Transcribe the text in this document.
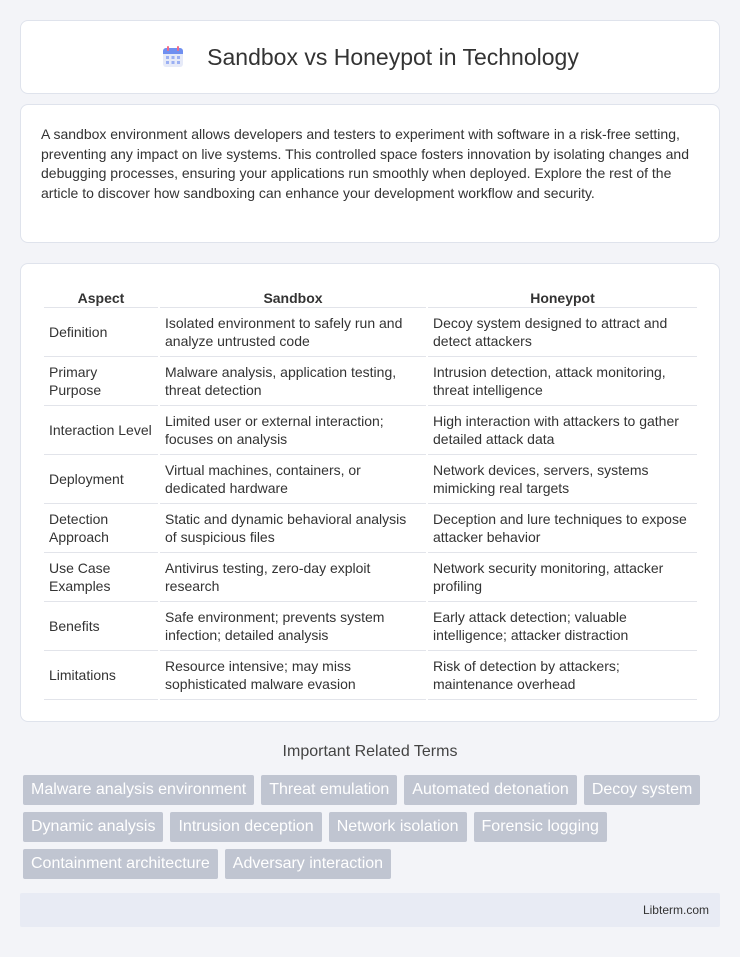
Sandbox vs Honeypot in Technology

A sandbox environment allows developers and testers to experiment with software in a risk-free setting, preventing any impact on live systems. This controlled space fosters innovation by isolating changes and debugging processes, ensuring your applications run smoothly when deployed. Explore the rest of the article to discover how sandboxing can enhance your development workflow and security.

Aspect	Sandbox	Honeypot
Definition	Isolated environment to safely run and analyze untrusted code	Decoy system designed to attract and detect attackers
Primary Purpose	Malware analysis, application testing, threat detection	Intrusion detection, attack monitoring, threat intelligence
Interaction Level	Limited user or external interaction; focuses on analysis	High interaction with attackers to gather detailed attack data
Deployment	Virtual machines, containers, or dedicated hardware	Network devices, servers, systems mimicking real targets
Detection Approach	Static and dynamic behavioral analysis of suspicious files	Deception and lure techniques to expose attacker behavior
Use Case Examples	Antivirus testing, zero-day exploit research	Network security monitoring, attacker profiling
Benefits	Safe environment; prevents system infection; detailed analysis	Early attack detection; valuable intelligence; attacker distraction
Limitations	Resource intensive; may miss sophisticated malware evasion	Risk of detection by attackers; maintenance overhead
Important Related Terms
Malware analysis environment	Threat emulation	Automated detonation	Decoy system
Dynamic analysis	Intrusion deception	Network isolation	Forensic logging
Containment architecture	Adversary interaction
Libterm.com
